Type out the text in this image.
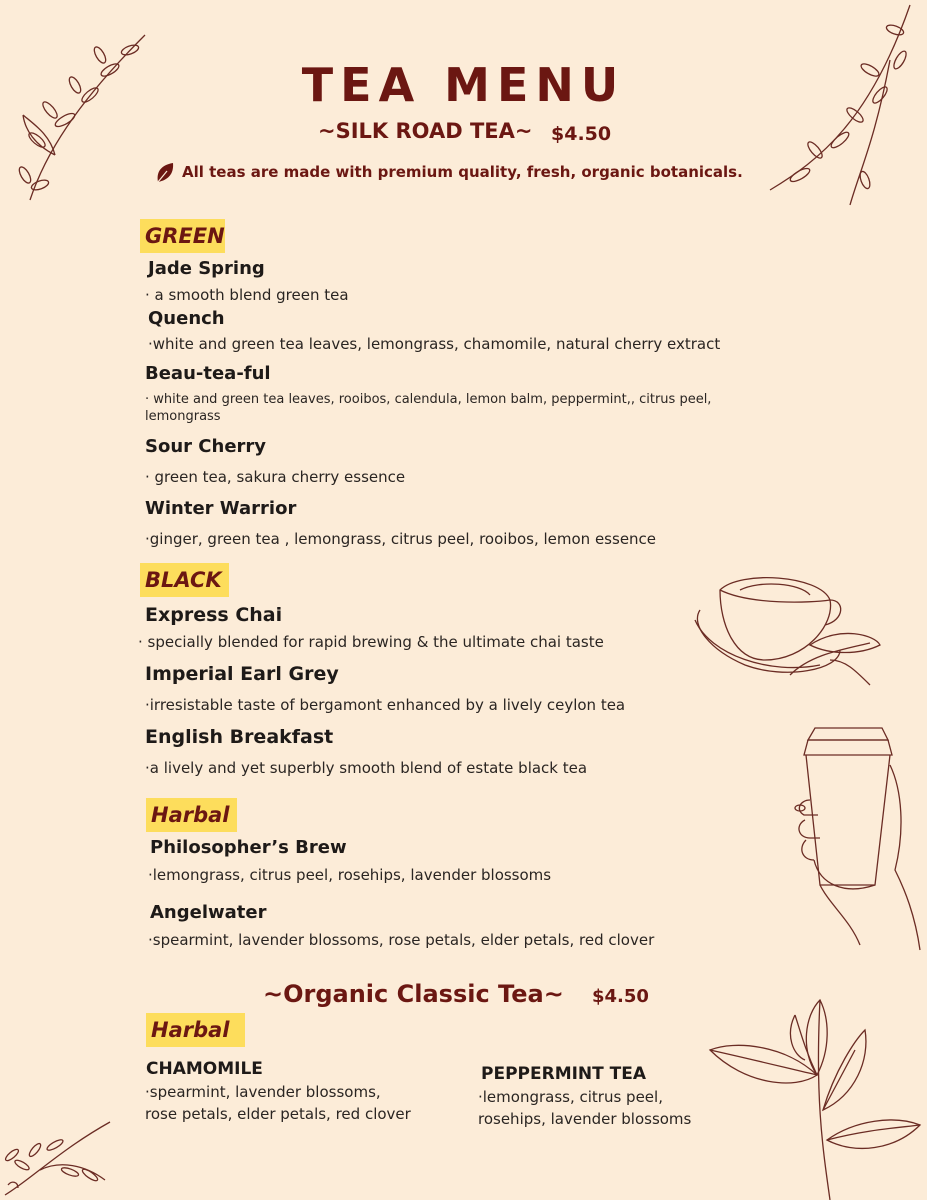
TEA MENU
~SILK ROAD TEA~ $4.50
All teas are made with premium quality, fresh, organic botanicals.
GREEN
Jade Spring
· a smooth blend green tea
Quench
·white and green tea leaves, lemongrass, chamomile, natural cherry extract
Beau-tea-ful
· white and green tea leaves, rooibos, calendula, lemon balm, peppermint,, citrus peel, lemongrass
Sour Cherry
· green tea, sakura cherry essence
Winter Warrior
·ginger, green tea , lemongrass, citrus peel, rooibos, lemon essence
BLACK
Express Chai
· specially blended for rapid brewing & the ultimate chai taste
Imperial Earl Grey
·irresistable taste of bergamont enhanced by a lively ceylon tea
English Breakfast
·a lively and yet superbly smooth blend of estate black tea
Harbal
Philosopher’s Brew
·lemongrass, citrus peel, rosehips, lavender blossoms
Angelwater
·spearmint, lavender blossoms, rose petals, elder petals, red clover
~Organic Classic Tea~ $4.50
Harbal
CHAMOMILE
·spearmint, lavender blossoms, rose petals, elder petals, red clover
PEPPERMINT TEA
·lemongrass, citrus peel, rosehips, lavender blossoms
